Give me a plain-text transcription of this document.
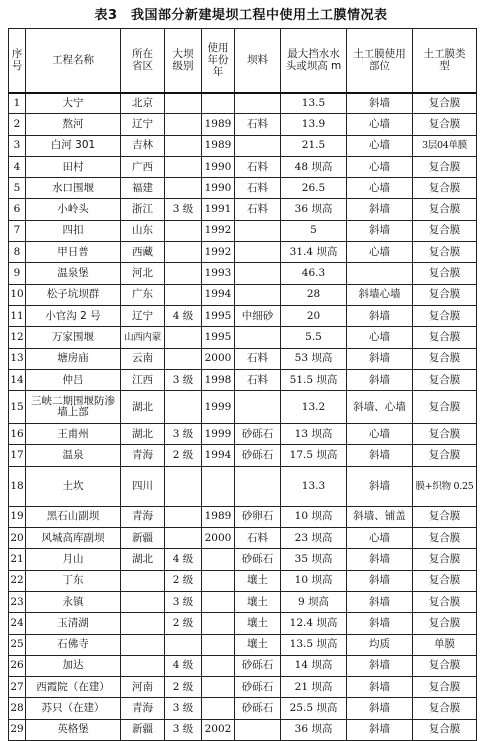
表3　我国部分新建堤坝工程中使用土工膜情况表
序号	工程名称	所在省区	大坝级别	使用年份年	坝料	最大挡水水头或坝高 m	土工膜使用部位	土工膜类型
1	大宁	北京				13.5	斜墙	复合膜
2	熬河	辽宁		1989	石料	13.9	心墙	复合膜
3	白河 301	吉林		1989		21.5	心墙	3层04单膜
4	田村	广西		1990	石料	48 坝高	心墙	复合膜
5	水口围堰	福建		1990	石料	26.5	心墙	复合膜
6	小岭头	浙江	3 级	1991	石料	36 坝高	斜墙	复合膜
7	四扣	山东		1992		5	斜墙	复合膜
8	甲日普	西藏		1992		31.4 坝高	心墙	复合膜
9	温泉堡	河北		1993		46.3		复合膜
10	松子坑坝群	广东		1994		28	斜墙心墙	复合膜
11	小官沟 2 号	辽宁	4 级	1995	中细砂	20	斜墙	复合膜
12	万家围堰	山西内蒙		1995		5.5	心墙	复合膜
13	塘房庙	云南		2000	石料	53 坝高	斜墙	复合膜
14	仲吕	江西	3 级	1998	石料	51.5 坝高	斜墙	复合膜
15	三峡二期围堰防渗墙上部	湖北		1999		13.2	斜墙、心墙	复合膜
16	王甫州	湖北	3 级	1999	砂砾石	13 坝高	心墙	复合膜
17	温泉	青海	2 级	1994	砂砾石	17.5 坝高	斜墙	复合膜
18	土坎	四川				13.3	斜墙	膜+织物 0.25
19	黑石山副坝	青海		1989	砂卵石	10 坝高	斜墙、铺盖	复合膜
20	风城高库副坝	新疆		2000	石料	23 坝高	心墙	复合膜
21	月山	湖北	4 级		砂砾石	35 坝高	斜墙	复合膜
22	丁东		2 级		壤土	10 坝高	斜墙	复合膜
23	永镇		3 级		壤土	9 坝高	斜墙	复合膜
24	玉清湖		2 级		壤土	12.4 坝高	斜墙	复合膜
25	石佛寺				壤土	13.5 坝高	均质	单膜
26	加达		4 级		砂砾石	14 坝高	斜墙	复合膜
27	西霞院（在建）	河南	2 级		砂砾石	21 坝高	斜墙	复合膜
28	苏只（在建）	青海	3 级		砂砾石	25.5 坝高	斜墙	复合膜
29	英格堡	新疆	3 级	2002		36 坝高	斜墙	复合膜
